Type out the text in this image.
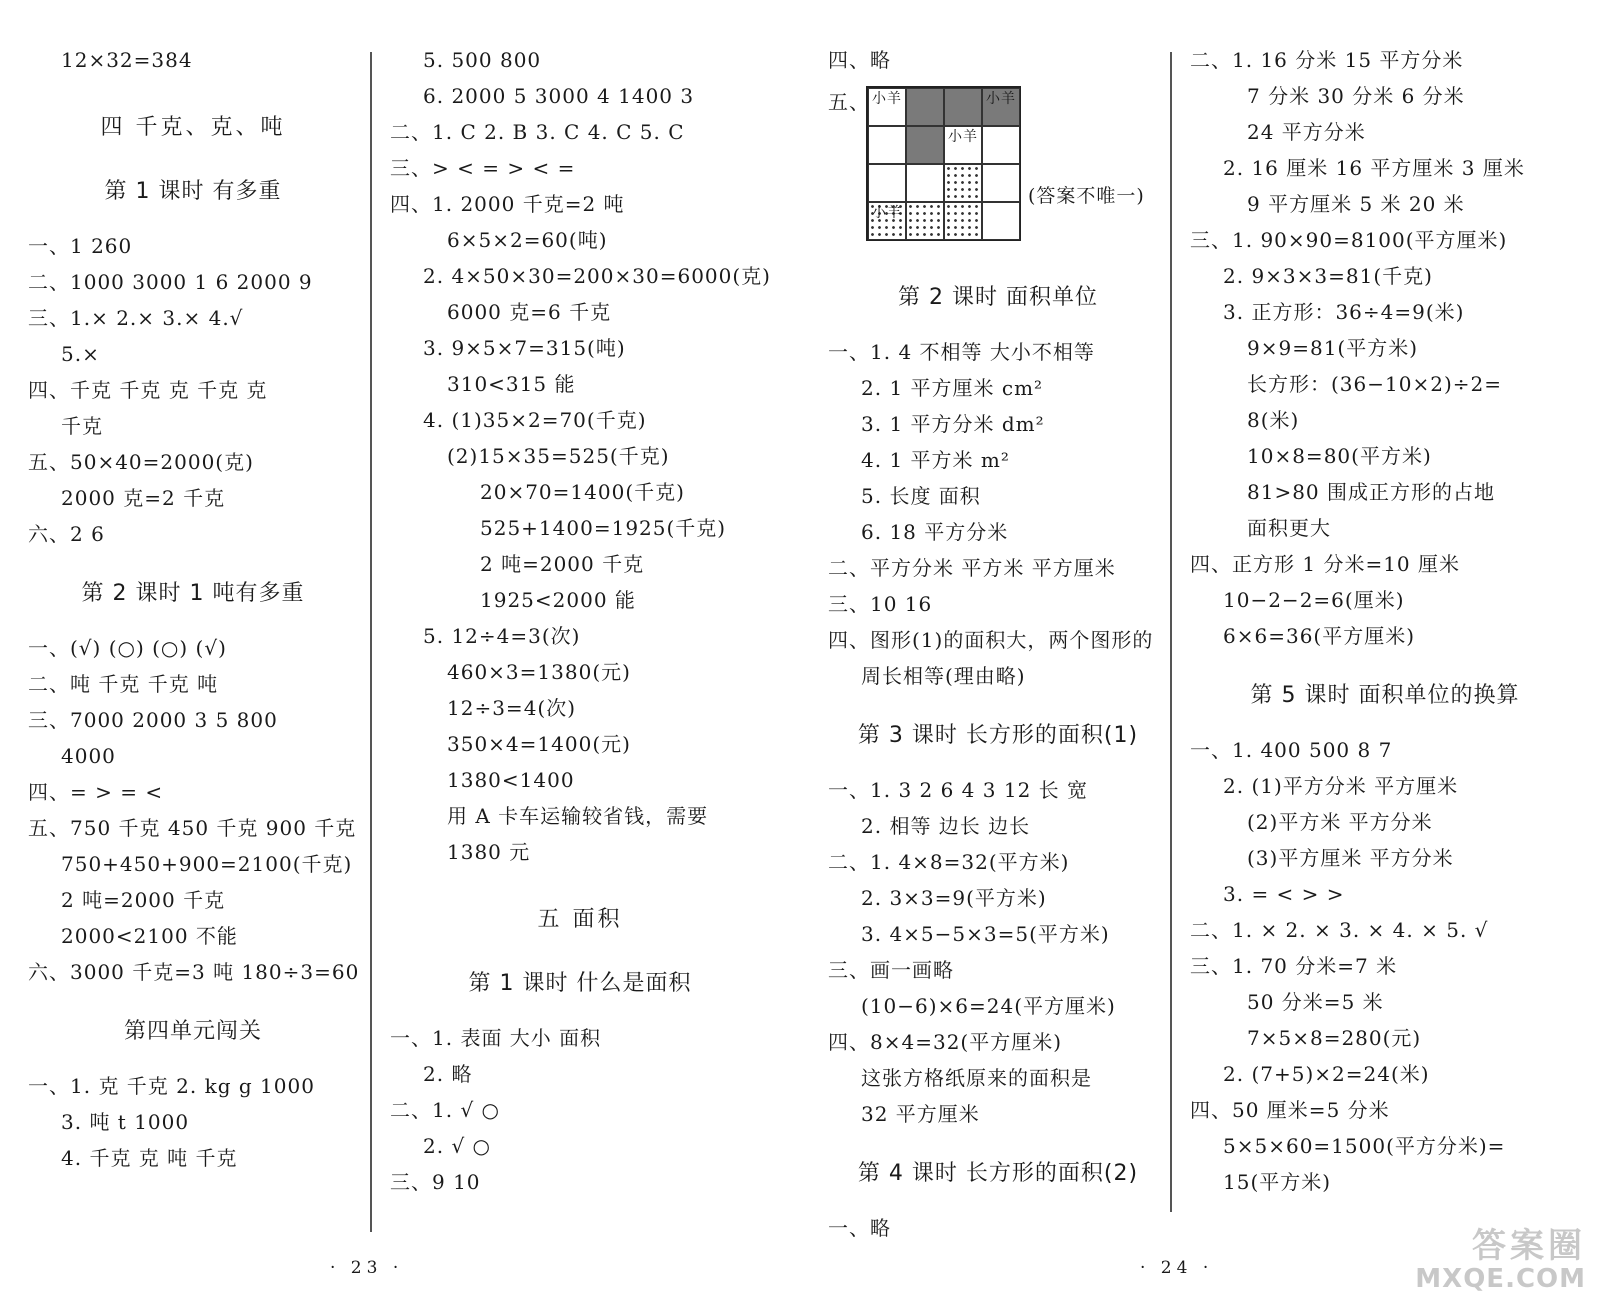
12×32=384
四 千克、克、吨
第 1 课时 有多重
一、1 260
二、1000 3000 1 6 2000 9
三、1.× 2.× 3.× 4.√
5.×
四、千克 千克 克 千克 克
千克
五、50×40=2000(克)
2000 克=2 千克
六、2 6
第 2 课时 1 吨有多重
一、(√) (○) (○) (√)
二、吨 千克 千克 吨
三、7000 2000 3 5 800
4000
四、= > = <
五、750 千克 450 千克 900 千克
750+450+900=2100(千克)
2 吨=2000 千克
2000<2100 不能
六、3000 千克=3 吨 180÷3=60
第四单元闯关
一、1. 克 千克 2. kg g 1000
3. 吨 t 1000
4. 千克 克 吨 千克
5. 500 800
6. 2000 5 3000 4 1400 3
二、1. C 2. B 3. C 4. C 5. C
三、> < = > < =
四、1. 2000 千克=2 吨
6×5×2=60(吨)
2. 4×50×30=200×30=6000(克)
6000 克=6 千克
3. 9×5×7=315(吨)
310<315 能
4. (1)35×2=70(千克)
(2)15×35=525(千克)
20×70=1400(千克)
525+1400=1925(千克)
2 吨=2000 千克
1925<2000 能
5. 12÷4=3(次)
460×3=1380(元)
12÷3=4(次)
350×4=1400(元)
1380<1400
用 A 卡车运输较省钱，需要
1380 元
五 面积
第 1 课时 什么是面积
一、1. 表面 大小 面积
2. 略
二、1. √ ○
2. √ ○
三、9 10
四、略
五、 小羊	小羊
小羊
小羊
(答案不唯一)
第 2 课时 面积单位
一、1. 4 不相等 大小不相等
2. 1 平方厘米 cm²
3. 1 平方分米 dm²
4. 1 平方米 m²
5. 长度 面积
6. 18 平方分米
二、平方分米 平方米 平方厘米
三、10 16
四、图形(1)的面积大，两个图形的
周长相等(理由略)
第 3 课时 长方形的面积(1)
一、1. 3 2 6 4 3 12 长 宽
2. 相等 边长 边长
二、1. 4×8=32(平方米)
2. 3×3=9(平方米)
3. 4×5−5×3=5(平方米)
三、画一画略
(10−6)×6=24(平方厘米)
四、8×4=32(平方厘米)
这张方格纸原来的面积是
32 平方厘米
第 4 课时 长方形的面积(2)
一、略
二、1. 16 分米 15 平方分米
7 分米 30 分米 6 分米
24 平方分米
2. 16 厘米 16 平方厘米 3 厘米
9 平方厘米 5 米 20 米
三、1. 90×90=8100(平方厘米)
2. 9×3×3=81(千克)
3. 正方形：36÷4=9(米)
9×9=81(平方米)
长方形：(36−10×2)÷2=
8(米)
10×8=80(平方米)
81>80 围成正方形的占地
面积更大
四、正方形 1 分米=10 厘米
10−2−2=6(厘米)
6×6=36(平方厘米)
第 5 课时 面积单位的换算
一、1. 400 500 8 7
2. (1)平方分米 平方厘米
(2)平方米 平方分米
(3)平方厘米 平方分米
3. = < > >
二、1. × 2. × 3. × 4. × 5. √
三、1. 70 分米=7 米
50 分米=5 米
7×5×8=280(元)
2. (7+5)×2=24(米)
四、50 厘米=5 分米
5×5×60=1500(平方分米)=
15(平方米)
· 23 ·	· 24 ·
答案圈
MXQE.COM
